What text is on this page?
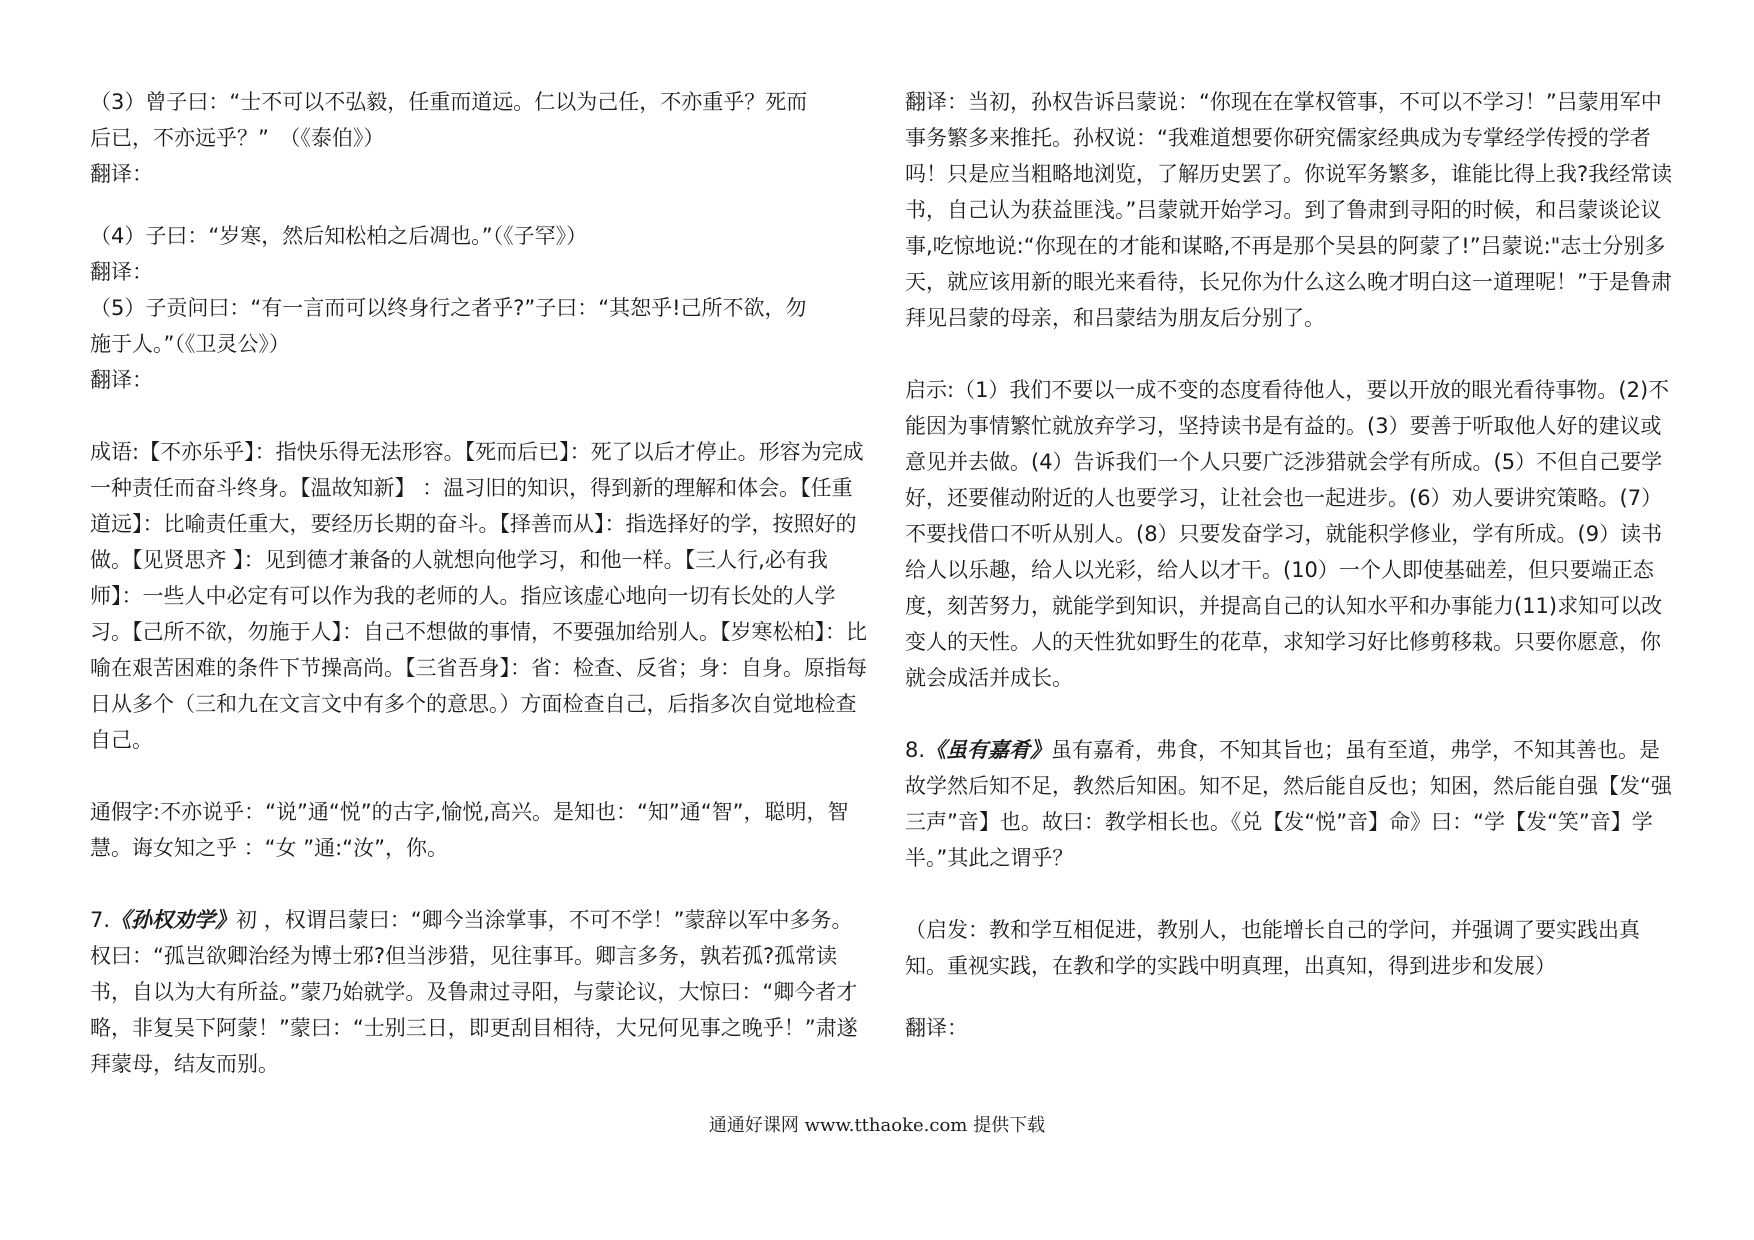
（3）曾子曰：“士不可以不弘毅，任重而道远。仁以为己任，不亦重乎？死而

后已，不亦远乎？”　（《泰伯》）

翻译：

（4）子曰：“岁寒，然后知松柏之后凋也。”（《子罕》）

翻译：

（5）子贡问曰：“有一言而可以终身行之者乎?”子曰：“其恕乎!己所不欲，勿

施于人。”（《卫灵公》）

翻译：

成语:【不亦乐乎】：指快乐得无法形容。【死而后已】：死了以后才停止。形容为完成一种责任而奋斗终身。【温故知新】 ：温习旧的知识，得到新的理解和体会。【任重道远】：比喻责任重大，要经历长期的奋斗。【择善而从】：指选择好的学，按照好的做。【见贤思齐 】：见到德才兼备的人就想向他学习，和他一样。【三人行,必有我师】：一些人中必定有可以作为我的老师的人。指应该虚心地向一切有长处的人学习。【己所不欲，勿施于人】：自己不想做的事情，不要强加给别人。【岁寒松柏】：比喻在艰苦困难的条件下节操高尚。【三省吾身】：省：检查、反省；身：自身。原指每日从多个（三和九在文言文中有多个的意思。）方面检查自己，后指多次自觉地检查自己。

通假字:不亦说乎：“说”通“悦”的古字,愉悦,高兴。是知也：“知”通“智”，聪明，智慧。诲女知之乎 ：“女 ”通:“汝”，你。

7.《孙权劝学》初 ，权谓吕蒙曰：“卿今当涂掌事，不可不学！”蒙辞以军中多务。权曰：“孤岂欲卿治经为博士邪?但当涉猎，见往事耳。卿言多务，孰若孤?孤常读书，自以为大有所益。”蒙乃始就学。及鲁肃过寻阳，与蒙论议，大惊曰：“卿今者才略，非复吴下阿蒙！”蒙曰：“士别三日，即更刮目相待，大兄何见事之晚乎！”肃遂拜蒙母，结友而别。

翻译：当初，孙权告诉吕蒙说：“你现在在掌权管事，不可以不学习！”吕蒙用军中事务繁多来推托。孙权说：“我难道想要你研究儒家经典成为专掌经学传授的学者吗！只是应当粗略地浏览，了解历史罢了。你说军务繁多，谁能比得上我?我经常读书，自己认为获益匪浅。”吕蒙就开始学习。到了鲁肃到寻阳的时候，和吕蒙谈论议事,吃惊地说:“你现在的才能和谋略,不再是那个吴县的阿蒙了!”吕蒙说:"志士分别多天，就应该用新的眼光来看待，长兄你为什么这么晚才明白这一道理呢！”于是鲁肃拜见吕蒙的母亲，和吕蒙结为朋友后分别了。

启示:（1）我们不要以一成不变的态度看待他人，要以开放的眼光看待事物。(2)不能因为事情繁忙就放弃学习，坚持读书是有益的。(3）要善于听取他人好的建议或意见并去做。(4）告诉我们一个人只要广泛涉猎就会学有所成。(5）不但自己要学好，还要催动附近的人也要学习，让社会也一起进步。(6）劝人要讲究策略。(7）不要找借口不听从别人。(8）只要发奋学习，就能积学修业，学有所成。(9）读书给人以乐趣，给人以光彩，给人以才干。(10）一个人即使基础差，但只要端正态度，刻苦努力，就能学到知识，并提高自己的认知水平和办事能力(11)求知可以改变人的天性。人的天性犹如野生的花草，求知学习好比修剪移栽。只要你愿意，你就会成活并成长。

8.《虽有嘉肴》虽有嘉肴，弗食，不知其旨也；虽有至道，弗学，不知其善也。是故学然后知不足，教然后知困。知不足，然后能自反也；知困，然后能自强【发“强三声”音】也。故曰：教学相长也。《兑【发“悦”音】命》曰：“学【发“笑”音】学半。”其此之谓乎？

（启发：教和学互相促进，教别人，也能增长自己的学问，并强调了要实践出真知。重视实践，在教和学的实践中明真理，出真知，得到进步和发展）

翻译：

通通好课网 www.tthaoke.com 提供下载
